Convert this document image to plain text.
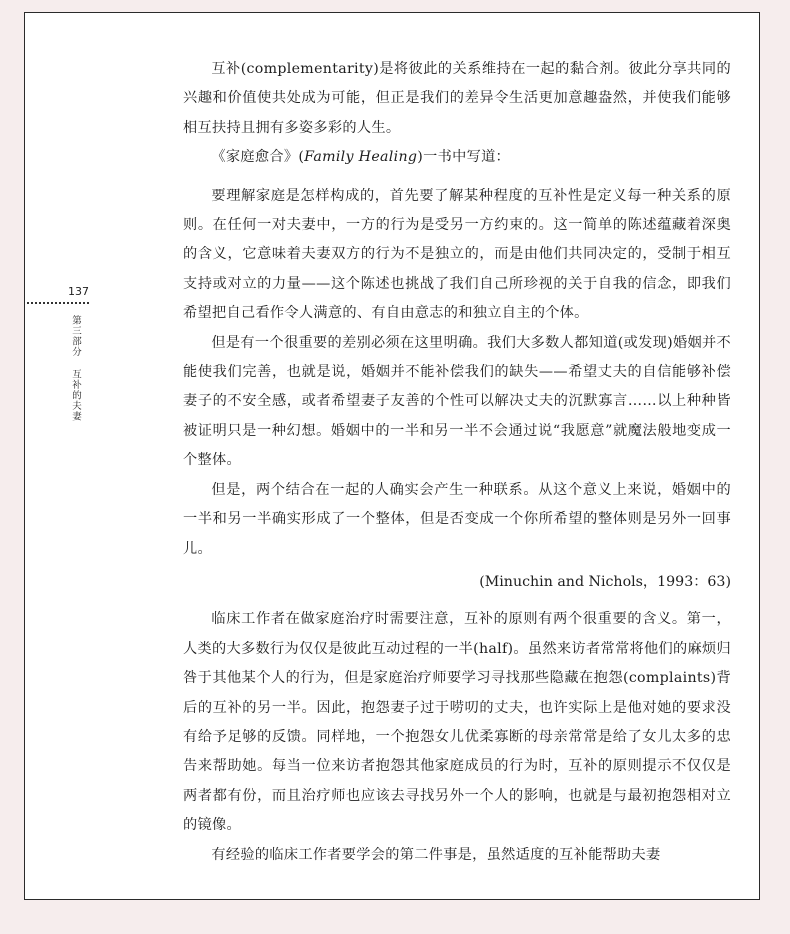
137
第三部分互补的夫妻

互补(complementarity)是将彼此的关系维持在一起的黏合剂。彼此分享共同的兴趣和价值使共处成为可能，但正是我们的差异令生活更加意趣盎然，并使我们能够相互扶持且拥有多姿多彩的人生。

《家庭愈合》(Family Healing)一书中写道：

要理解家庭是怎样构成的，首先要了解某种程度的互补性是定义每一种关系的原则。在任何一对夫妻中，一方的行为是受另一方约束的。这一简单的陈述蕴藏着深奥的含义，它意味着夫妻双方的行为不是独立的，而是由他们共同决定的，受制于相互支持或对立的力量——这个陈述也挑战了我们自己所珍视的关于自我的信念，即我们希望把自己看作令人满意的、有自由意志的和独立自主的个体。

但是有一个很重要的差别必须在这里明确。我们大多数人都知道(或发现)婚姻并不能使我们完善，也就是说，婚姻并不能补偿我们的缺失——希望丈夫的自信能够补偿妻子的不安全感，或者希望妻子友善的个性可以解决丈夫的沉默寡言……以上种种皆被证明只是一种幻想。婚姻中的一半和另一半不会通过说“我愿意”就魔法般地变成一个整体。

但是，两个结合在一起的人确实会产生一种联系。从这个意义上来说，婚姻中的一半和另一半确实形成了一个整体，但是否变成一个你所希望的整体则是另外一回事儿。

(Minuchin and Nichols，1993：63)

临床工作者在做家庭治疗时需要注意，互补的原则有两个很重要的含义。第一，人类的大多数行为仅仅是彼此互动过程的一半(half)。虽然来访者常常将他们的麻烦归咎于其他某个人的行为，但是家庭治疗师要学习寻找那些隐藏在抱怨(complaints)背后的互补的另一半。因此，抱怨妻子过于唠叨的丈夫，也许实际上是他对她的要求没有给予足够的反馈。同样地，一个抱怨女儿优柔寡断的母亲常常是给了女儿太多的忠告来帮助她。每当一位来访者抱怨其他家庭成员的行为时，互补的原则提示不仅仅是两者都有份，而且治疗师也应该去寻找另外一个人的影响，也就是与最初抱怨相对立的镜像。

有经验的临床工作者要学会的第二件事是，虽然适度的互补能帮助夫妻
